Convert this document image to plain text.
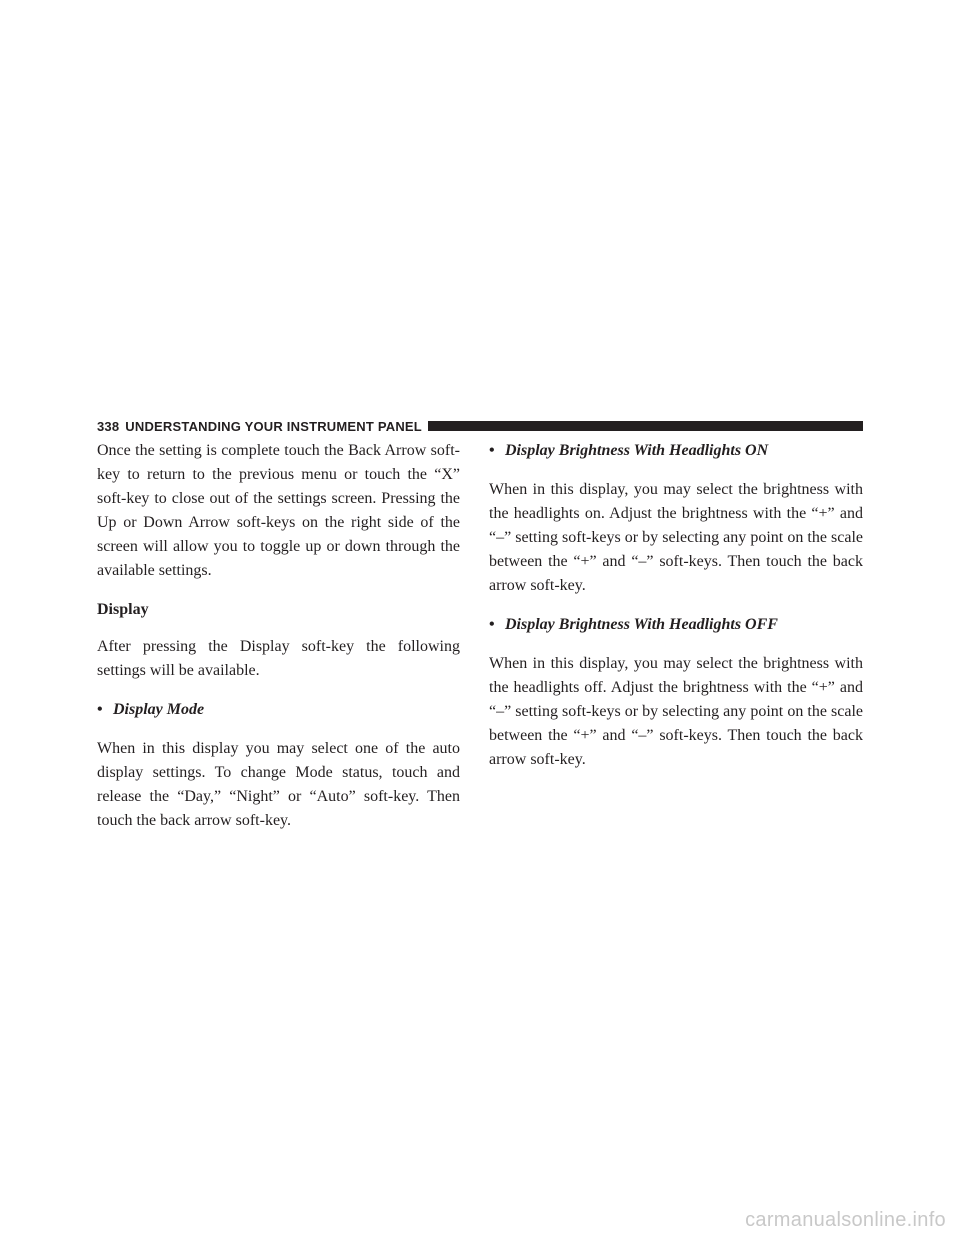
338 UNDERSTANDING YOUR INSTRUMENT PANEL

Once the setting is complete touch the Back Arrow soft-key to return to the previous menu or touch the “X” soft-key to close out of the settings screen. Pressing the Up or Down Arrow soft-keys on the right side of the screen will allow you to toggle up or down through the available settings.

Display

After pressing the Display soft-key the following settings will be available.

• Display Mode

When in this display you may select one of the auto display settings. To change Mode status, touch and release the “Day,” “Night” or “Auto” soft-key. Then touch the back arrow soft-key.

• Display Brightness With Headlights ON

When in this display, you may select the brightness with the headlights on. Adjust the brightness with the “+” and “–” setting soft-keys or by selecting any point on the scale between the “+” and “–” soft-keys. Then touch the back arrow soft-key.

• Display Brightness With Headlights OFF

When in this display, you may select the brightness with the headlights off. Adjust the brightness with the “+” and “–” setting soft-keys or by selecting any point on the scale between the “+” and “–” soft-keys. Then touch the back arrow soft-key.

carmanualsonline.info
